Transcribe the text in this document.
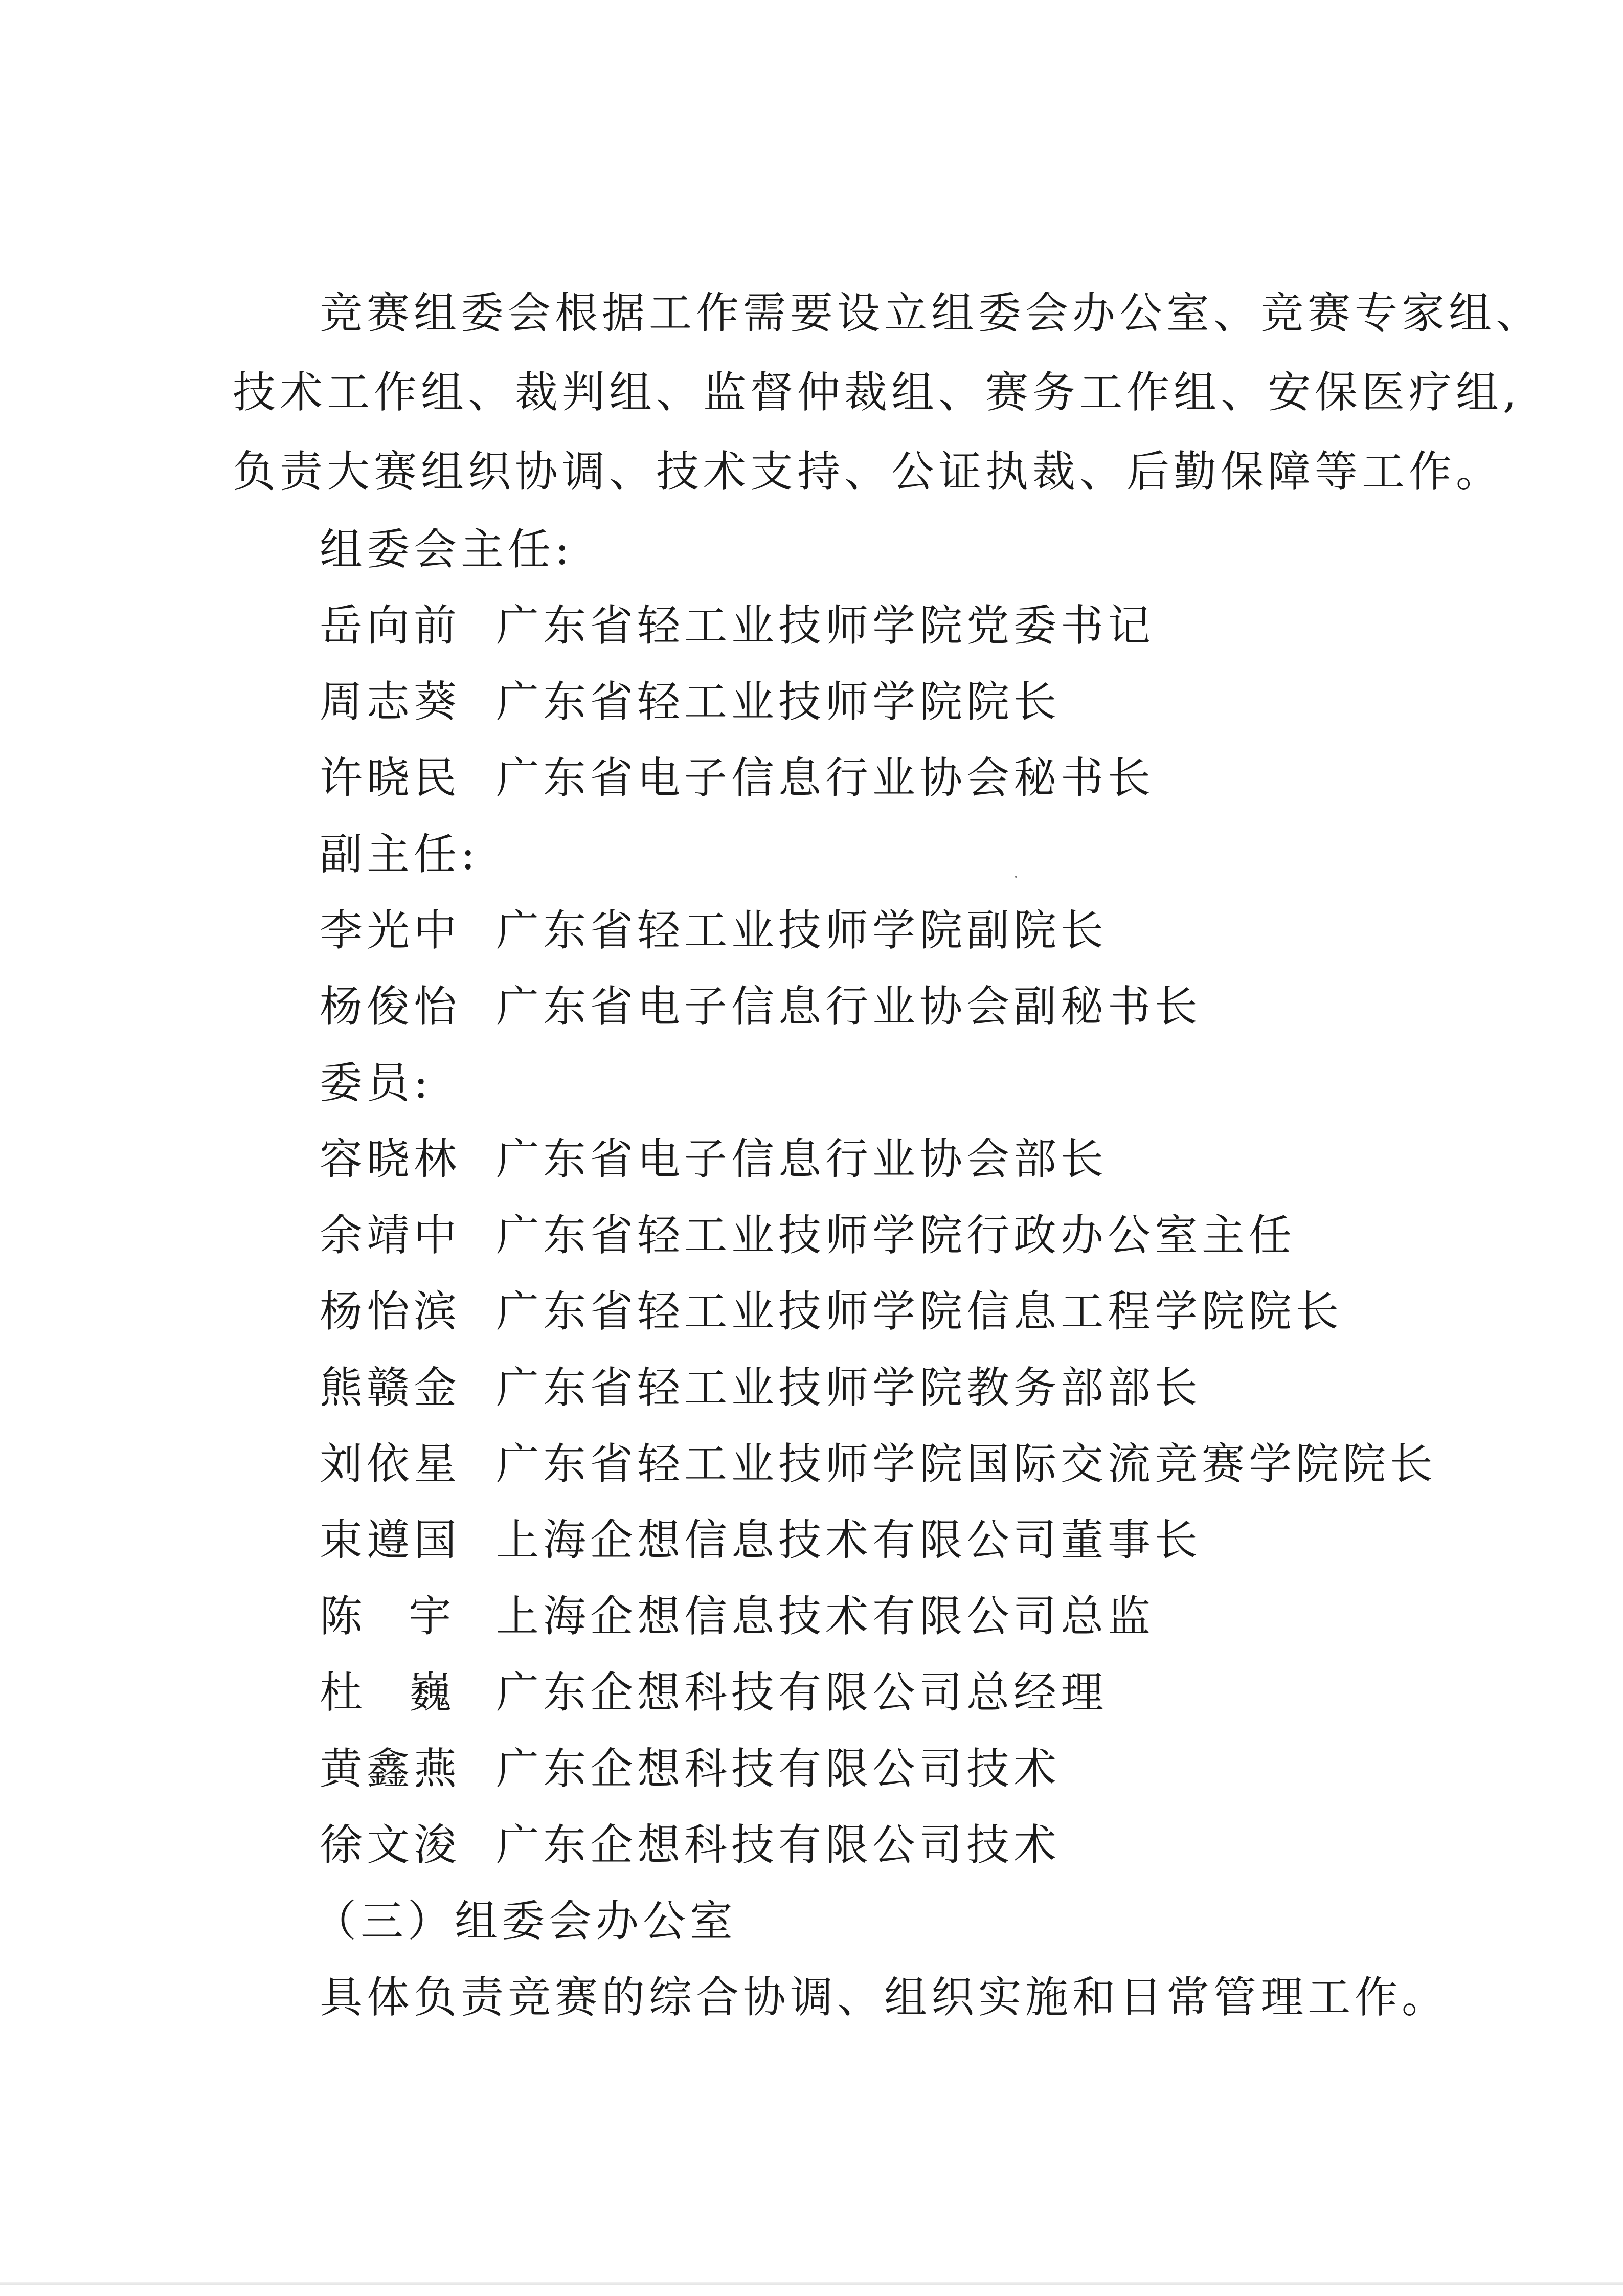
竞赛组委会根据工作需要设立组委会办公室、竞赛专家组、
技术工作组、裁判组、监督仲裁组、赛务工作组、安保医疗组,
负责大赛组织协调、技术支持、公证执裁、后勤保障等工作。
组委会主任:
岳向前 广东省轻工业技师学院党委书记
周志葵 广东省轻工业技师学院院长
许晓民 广东省电子信息行业协会秘书长
副主任:
李光中 广东省轻工业技师学院副院长
杨俊怡 广东省电子信息行业协会副秘书长
委员:
容晓林 广东省电子信息行业协会部长
余靖中 广东省轻工业技师学院行政办公室主任
杨怡滨 广东省轻工业技师学院信息工程学院院长
熊赣金 广东省轻工业技师学院教务部部长
刘依星 广东省轻工业技师学院国际交流竞赛学院院长
束遵国 上海企想信息技术有限公司董事长
陈宇
上海企想信息技术有限公司总监
杜巍
广东企想科技有限公司总经理
黄鑫燕 广东企想科技有限公司技术
徐文浚 广东企想科技有限公司技术
（三）组委会办公室
具体负责竞赛的综合协调、组织实施和日常管理工作。
